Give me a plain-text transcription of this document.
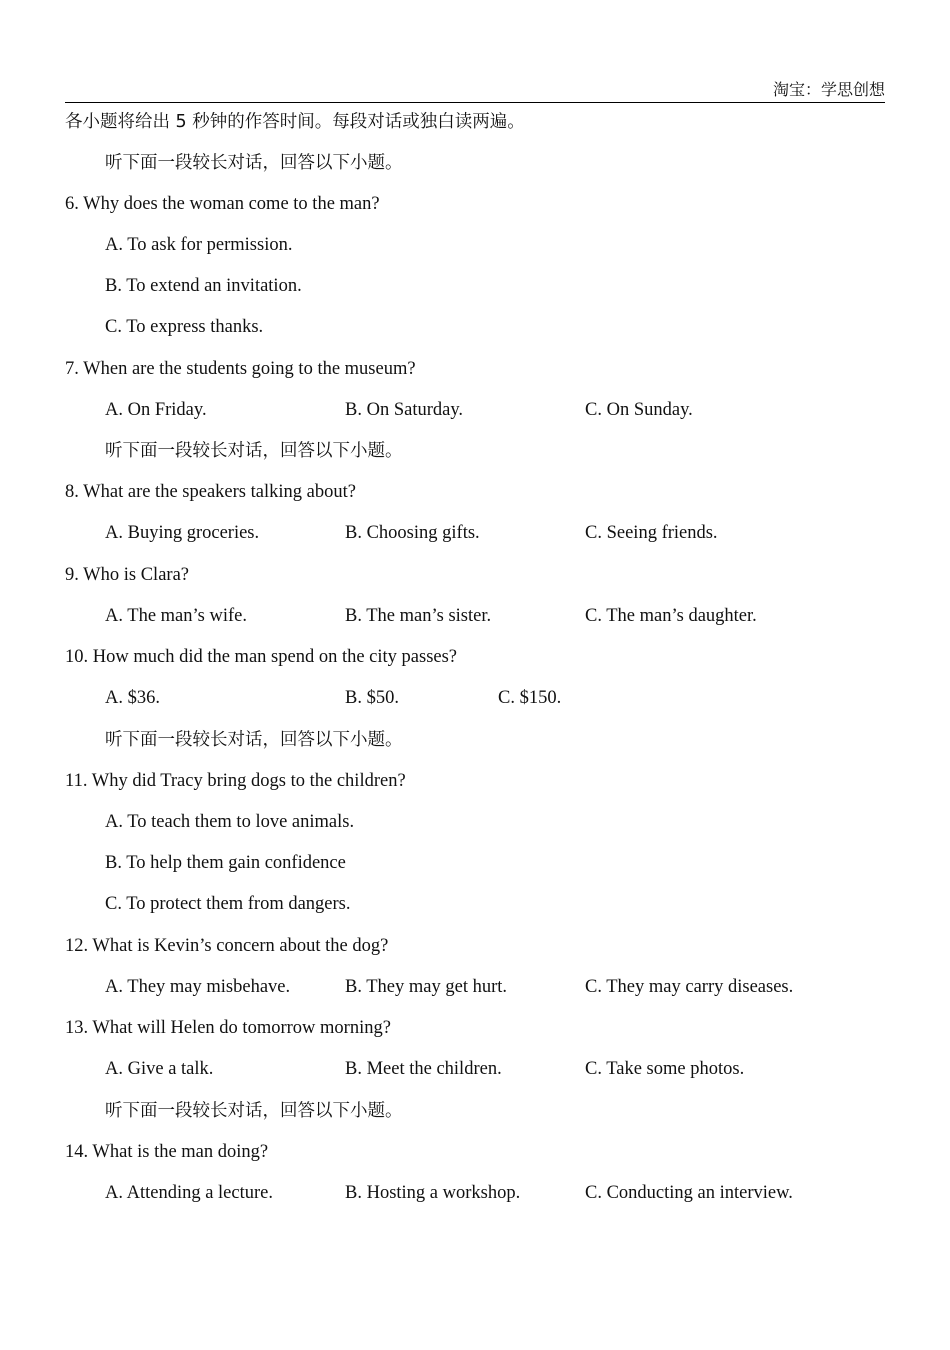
淘宝：学思创想
各小题将给出 5 秒钟的作答时间。每段对话或独白读两遍。
听下面一段较长对话，回答以下小题。
6. Why does the woman come to the man?
A. To ask for permission.
B. To extend an invitation.
C. To express thanks.
7. When are the students going to the museum?
A. On Friday.	B. On Saturday.	C. On Sunday.
听下面一段较长对话，回答以下小题。
8. What are the speakers talking about?
A. Buying groceries.	B. Choosing gifts.	C. Seeing friends.
9. Who is Clara?
A. The man’s wife.	B. The man’s sister.	C. The man’s daughter.
10. How much did the man spend on the city passes?
A. $36.	B. $50.	C. $150.
听下面一段较长对话，回答以下小题。
11. Why did Tracy bring dogs to the children?
A. To teach them to love animals.
B. To help them gain confidence
C. To protect them from dangers.
12. What is Kevin’s concern about the dog?
A. They may misbehave.	B. They may get hurt.	C. They may carry diseases.
13. What will Helen do tomorrow morning?
A. Give a talk.	B. Meet the children.	C. Take some photos.
听下面一段较长对话，回答以下小题。
14. What is the man doing?
A. Attending a lecture.	B. Hosting a workshop.	C. Conducting an interview.
